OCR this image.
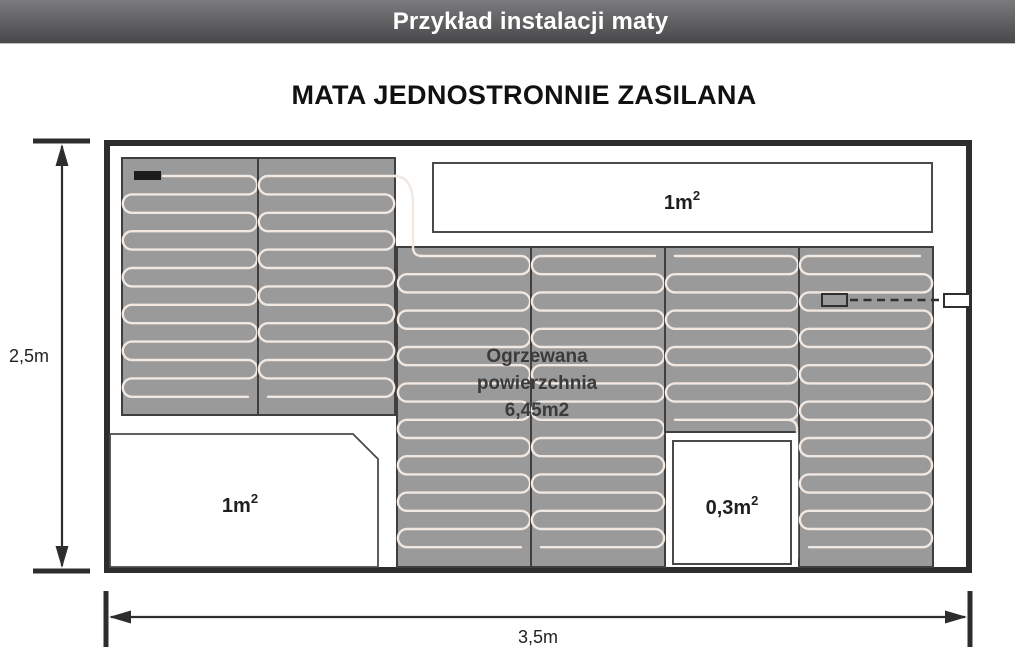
Przykład instalacji maty
MATA JEDNOSTRONNIE ZASILANA
$1m^2$
$1m^2$	$0,3m^2$
Ogrzewana
powierzchnia
6,45m2
2,5m
3,5m
